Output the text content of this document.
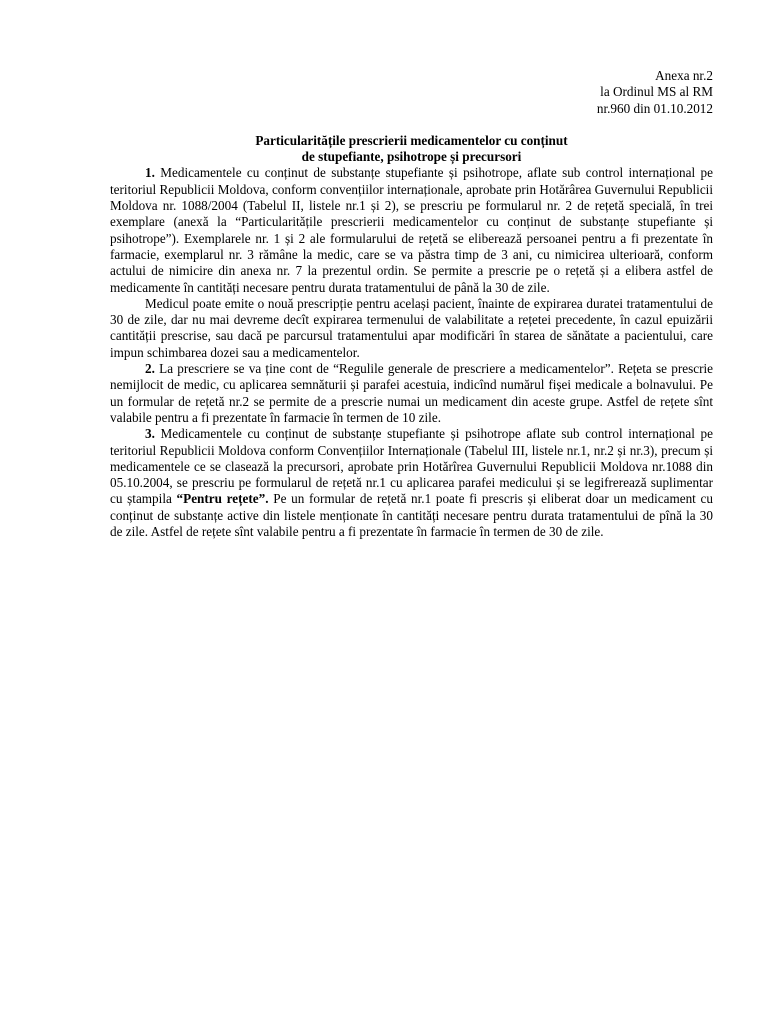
Anexa nr.2
la Ordinul MS al RM
nr.960 din 01.10.2012
Particularitățile prescrierii medicamentelor cu conținut
de stupefiante, psihotrope și precursori

1. Medicamentele cu conținut de substanțe stupefiante și psihotrope, aflate sub control internațional pe teritoriul Republicii Moldova, conform convențiilor internaționale, aprobate prin Hotărârea Guvernului Republicii Moldova nr. 1088/2004 (Tabelul II, listele nr.1 și 2), se prescriu pe formularul nr. 2 de rețetă specială, în trei exemplare (anexă la “Particularitățile prescrierii medicamentelor cu conținut de substanțe stupefiante și psihotrope”). Exemplarele nr. 1 și 2 ale formularului de rețetă se eliberează persoanei pentru a fi prezentate în farmacie, exemplarul nr. 3 rămâne la medic, care se va păstra timp de 3 ani, cu nimicirea ulterioară, conform actului de nimicire din anexa nr. 7 la prezentul ordin. Se permite a prescrie pe o rețetă și a elibera astfel de medicamente în cantități necesare pentru durata tratamentului de până la 30 de zile.

Medicul poate emite o nouă prescripție pentru același pacient, înainte de expirarea duratei tratamentului de 30 de zile, dar nu mai devreme decît expirarea termenului de valabilitate a rețetei precedente, în cazul epuizării cantității prescrise, sau dacă pe parcursul tratamentului apar modificări în starea de sănătate a pacientului, care impun schimbarea dozei sau a medicamentelor.

2. La prescriere se va ține cont de “Regulile generale de prescriere a medicamentelor”. Rețeta se prescrie nemijlocit de medic, cu aplicarea semnăturii și parafei acestuia, indicînd numărul fișei medicale a bolnavului. Pe un formular de rețetă nr.2 se permite de a prescrie numai un medicament din aceste grupe. Astfel de rețete sînt valabile pentru a fi prezentate în farmacie în termen de 10 zile.

3. Medicamentele cu conținut de substanțe stupefiante și psihotrope aflate sub control internațional pe teritoriul Republicii Moldova conform Convențiilor Internaționale (Tabelul III, listele nr.1, nr.2 și nr.3), precum și medicamentele ce se clasează la precursori, aprobate prin Hotărîrea Guvernului Republicii Moldova nr.1088 din 05.10.2004, se prescriu pe formularul de rețetă nr.1 cu aplicarea parafei medicului și se legifrerează suplimentar cu ștampila “Pentru rețete”. Pe un formular de rețetă nr.1 poate fi prescris și eliberat doar un medicament cu conținut de substanțe active din listele menționate în cantități necesare pentru durata tratamentului de pînă la 30 de zile. Astfel de rețete sînt valabile pentru a fi prezentate în farmacie în termen de 30 de zile.
